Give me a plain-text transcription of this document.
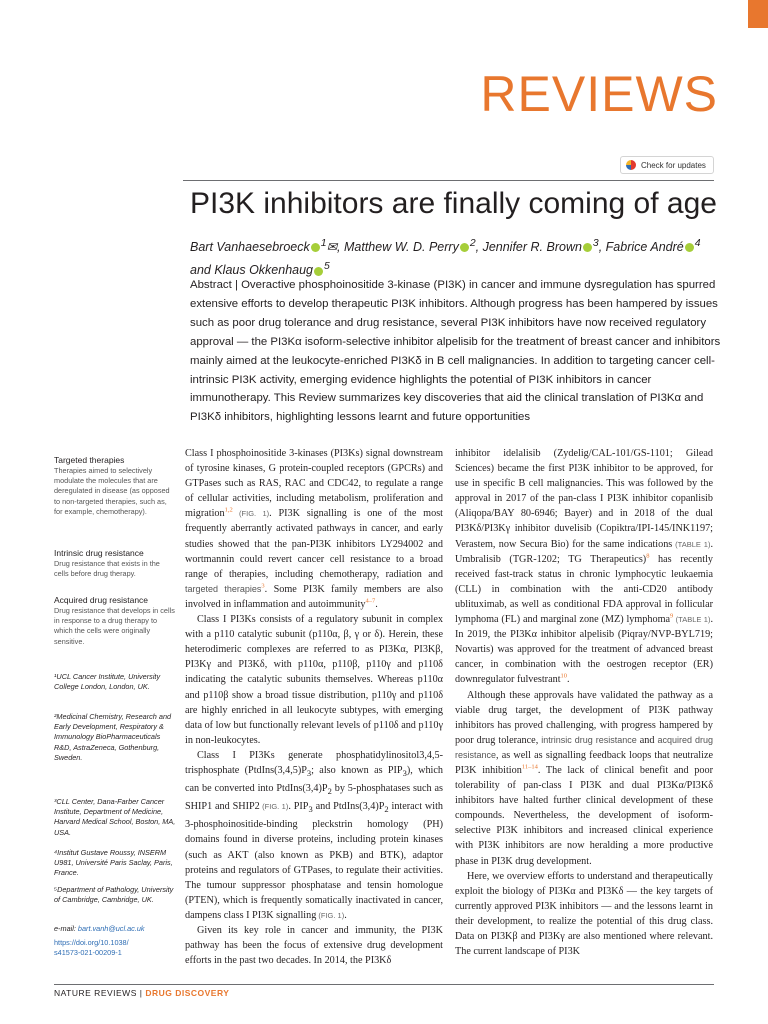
REVIEWS
Check for updates
PI3K inhibitors are finally coming of age
Bart Vanhaesebroeck $^1$✉, Matthew W. D. Perry $^2$, Jennifer R. Brown $^3$, Fabrice André $^4$
and Klaus Okkenhaug $^5$
Abstract | Overactive phosphoinositide 3-kinase (PI3K) in cancer and immune dysregulation has spurred extensive efforts to develop therapeutic PI3K inhibitors. Although progress has been hampered by issues such as poor drug tolerance and drug resistance, several PI3K inhibitors have now received regulatory approval — the PI3Kα isoform-selective inhibitor alpelisib for the treatment of breast cancer and inhibitors mainly aimed at the leukocyte-enriched PI3Kδ in B cell malignancies. In addition to targeting cancer cell-intrinsic PI3K activity, emerging evidence highlights the potential of PI3K inhibitors in cancer immunotherapy. This Review summarizes key discoveries that aid the clinical translation of PI3Kα and PI3Kδ inhibitors, highlighting lessons learnt and future opportunities
Targeted therapies
Therapies aimed to selectively modulate the molecules that are deregulated in disease (as opposed to non-targeted therapies, such as, for example, chemotherapy).
Intrinsic drug resistance
Drug resistance that exists in the cells before drug therapy.
Acquired drug resistance
Drug resistance that develops in cells in response to a drug therapy to which the cells were originally sensitive.
¹UCL Cancer Institute, University College London, London, UK.
²Medicinal Chemistry, Research and Early Development, Respiratory & Immunology BioPharmaceuticals R&D, AstraZeneca, Gothenburg, Sweden.
³CLL Center, Dana-Farber Cancer Institute, Department of Medicine, Harvard Medical School, Boston, MA, USA.
⁴Institut Gustave Roussy, INSERM U981, Université Paris Saclay, Paris, France.
⁵Department of Pathology, University of Cambridge, Cambridge, UK.
e-mail: bart.vanh@ucl.ac.uk
https://doi.org/10.1038/
s41573-021-00209-1

Class I phosphoinositide 3-kinases (PI3Ks) signal downstream of tyrosine kinases, G protein-coupled receptors (GPCRs) and GTPases such as RAS, RAC and CDC42, to regulate a range of cellular activities, including metabolism, proliferation and migration$^{1,2}$ (FIG. 1). PI3K signalling is one of the most frequently aberrantly activated pathways in cancer, and early studies showed that the pan-PI3K inhibitors LY294002 and wortmannin could revert cancer cell resistance to a broad range of therapies, including chemotherapy, radiation and targeted therapies$^3$. Some PI3K family members are also involved in inflammation and autoimmunity$^{4-7}$.

Class I PI3Ks consists of a regulatory subunit in complex with a p110 catalytic subunit (p110α, β, γ or δ). Herein, these heterodimeric complexes are referred to as PI3Kα, PI3Kβ, PI3Kγ and PI3Kδ, with p110α, p110β, p110γ and p110δ indicating the catalytic subunits themselves. Whereas p110α and p110β show a broad tissue distribution, p110γ and p110δ are highly enriched in all leukocyte subtypes, with emerging data of low but functionally relevant levels of p110δ and p110γ in non-leukocytes.

Class I PI3Ks generate phosphatidylinositol3,4,5-trisphosphate ($PtdIns(3,4,5)P_3$; also known as $PIP_3$), which can be converted into $PtdIns(3,4)P_2$ by 5-phosphatases such as SHIP1 and SHIP2 (FIG. 1). $PIP_3$ and $PtdIns(3,4)P_2$ interact with 3-phosphoinositide-binding pleckstrin homology (PH) domains found in diverse proteins, including protein kinases (such as AKT (also known as PKB) and BTK), adaptor proteins and regulators of GTPases, to regulate their activities. The tumour suppressor phosphatase and tensin homologue (PTEN), which is frequently somatically inactivated in cancer, dampens class I PI3K signalling (FIG. 1).

Given its key role in cancer and immunity, the PI3K pathway has been the focus of extensive drug development efforts in the past two decades. In 2014, the PI3Kδ

inhibitor idelalisib (Zydelig/CAL-101/GS-1101; Gilead Sciences) became the first PI3K inhibitor to be approved, for use in specific B cell malignancies. This was followed by the approval in 2017 of the pan-class I PI3K inhibitor copanlisib (Aliqopa/BAY 80-6946; Bayer) and in 2018 of the dual PI3Kδ/PI3Kγ inhibitor duvelisib (Copiktra/IPI-145/INK1197; Verastem, now Secura Bio) for the same indications (TABLE 1). Umbralisib (TGR-1202; TG Therapeutics)$^8$ has recently received fast-track status in chronic lymphocytic leukaemia (CLL) in combination with the anti-CD20 antibody ublituximab, as well as conditional FDA approval in follicular lymphoma (FL) and marginal zone (MZ) lymphoma$^9$ (TABLE 1). In 2019, the PI3Kα inhibitor alpelisib (Piqray/NVP-BYL719; Novartis) was approved for the treatment of advanced breast cancer, in combination with the oestrogen receptor (ER) downregulator fulvestrant$^{10}$.

Although these approvals have validated the pathway as a viable drug target, the development of PI3K pathway inhibitors has proved challenging, with progress hampered by poor drug tolerance, intrinsic drug resistance and acquired drug resistance, as well as signalling feedback loops that neutralize PI3K inhibition$^{11-14}$. The lack of clinical benefit and poor tolerability of pan-class I PI3K and dual PI3Kα/PI3Kδ inhibitors have halted further clinical development of these compounds. Nevertheless, the development of isoform-selective PI3K inhibitors and increased clinical experience with PI3K inhibitors are now heralding a more productive phase in PI3K drug development.

Here, we overview efforts to understand and therapeutically exploit the biology of PI3Kα and PI3Kδ — the key targets of currently approved PI3K inhibitors — and the lessons learnt in their development, to realize the potential of this drug class. Data on PI3Kβ and PI3Kγ are also mentioned where relevant. The current landscape of PI3K

NATURE REVIEWS | DRUG DISCOVERY
